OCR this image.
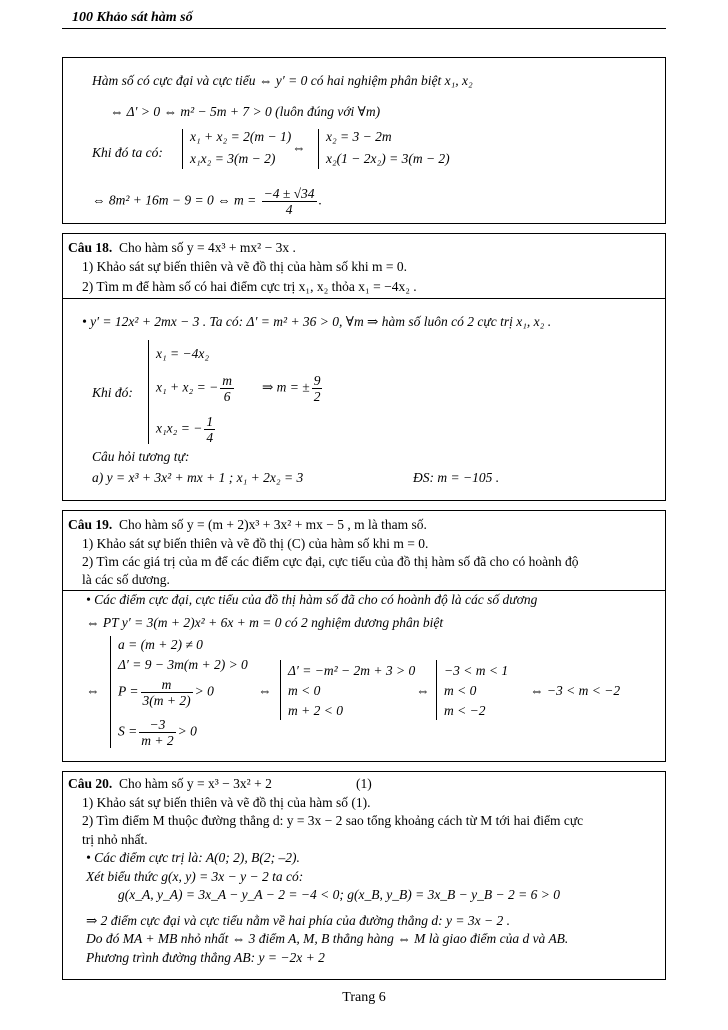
100 Khảo sát hàm số
Hàm số có cực đại và cực tiểu ⇔ y′ = 0 có hai nghiệm phân biệt x₁, x₂
⇔ Δ′ > 0 ⇔ m² − 5m + 7 > 0 (luôn đúng với ∀m)
Khi đó ta có:
x₁ + x₂ = 2(m − 1)
x₁x₂ = 3(m − 2)
⇔
x₂ = 3 − 2m
x₂(1 − 2x₂) = 3(m − 2)
⇔ 8m² + 16m − 9 = 0 ⇔ $m = \frac{-4 \pm √34}{4}$ .
Câu 18. Cho hàm số y = 4x³ + mx² − 3x .
1) Khảo sát sự biến thiên và vẽ đồ thị của hàm số khi m = 0.
2) Tìm m để hàm số có hai điểm cực trị x₁, x₂ thỏa x₁ = −4x₂ .
• y′ = 12x² + 2mx − 3 . Ta có: Δ′ = m² + 36 > 0, ∀m ⇒ hàm số luôn có 2 cực trị x₁, x₂ .
Khi đó:
x₁ = −4x₂
x₁ + x₂ = − $\frac{m}{6}$ ⇒ m = ± $\frac{9}{2}$
x₁x₂ = − $\frac{1}{4}$
Câu hỏi tương tự:
a) y = x³ + 3x² + mx + 1 ; x₁ + 2x₂ = 3	ĐS: m = −105 .
Câu 19. Cho hàm số y = (m + 2)x³ + 3x² + mx − 5 , m là tham số.
1) Khảo sát sự biến thiên và vẽ đồ thị (C) của hàm số khi m = 0.
2) Tìm các giá trị của m để các điểm cực đại, cực tiểu của đồ thị hàm số đã cho có hoành độ
là các số dương.
• Các điểm cực đại, cực tiểu của đồ thị hàm số đã cho có hoành độ là các số dương
⇔ PT y′ = 3(m + 2)x² + 6x + m = 0 có 2 nghiệm dương phân biệt
⇔
a = (m + 2) ≠ 0
Δ′ = 9 − 3m(m + 2) > 0
$P = \frac{m}{3(m + 2)} > 0$
$S = \frac{-3}{m + 2} > 0$
⇔
Δ′ = −m² − 2m + 3 > 0
m < 0
m + 2 < 0
⇔
−3 < m < 1
m < 0
m < −2
⇔ −3 < m < −2
Câu 20. Cho hàm số y = x³ − 3x² + 2	(1)
1) Khảo sát sự biến thiên và vẽ đồ thị của hàm số (1).
2) Tìm điểm M thuộc đường thẳng d: y = 3x − 2 sao tổng khoảng cách từ M tới hai điểm cực
trị nhỏ nhất.
• Các điểm cực trị là: A(0; 2), B(2; –2).
Xét biểu thức g(x, y) = 3x − y − 2 ta có:
g(x_A, y_A) = 3x_A − y_A − 2 = −4 < 0; g(x_B, y_B) = 3x_B − y_B − 2 = 6 > 0
⇒ 2 điểm cực đại và cực tiểu nằm về hai phía của đường thẳng d: y = 3x − 2 .
Do đó MA + MB nhỏ nhất ⇔ 3 điểm A, M, B thẳng hàng ⇔ M là giao điểm của d và AB.
Phương trình đường thẳng AB: y = −2x + 2
Trang 6
